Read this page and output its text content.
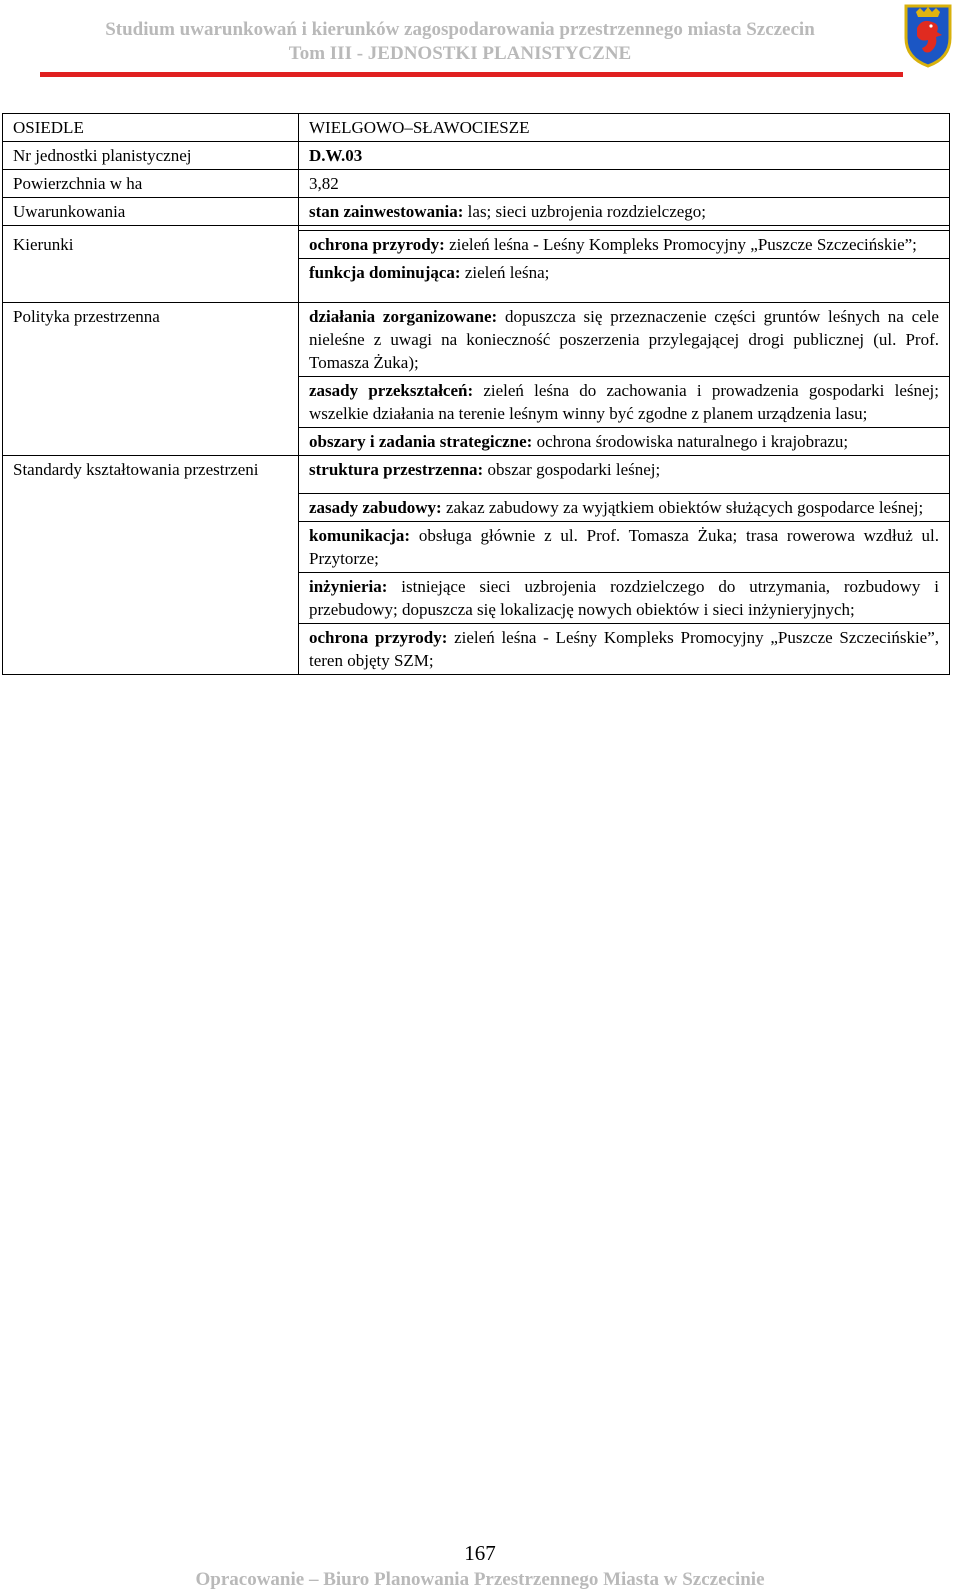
Studium uwarunkowań i kierunków zagospodarowania przestrzennego miasta Szczecin
Tom III - JEDNOSTKI PLANISTYCZNE
OSIEDLE	WIELGOWO–SŁAWOCIESZE
Nr jednostki planistycznej	D.W.03
Powierzchnia w ha	3,82
Uwarunkowania	stan zainwestowania: las; sieci uzbrojenia rozdzielczego;

Kierunki	ochrona przyrody: zieleń leśna - Leśny Kompleks Promocyjny „Puszcze Szczecińskie”;
	funkcja dominująca: zieleń leśna;
Polityka przestrzenna	działania zorganizowane: dopuszcza się przeznaczenie części gruntów leśnych na cele nieleśne z uwagi na konieczność poszerzenia przylegającej drogi publicznej (ul. Prof. Tomasza Żuka);
	zasady przekształceń: zieleń leśna do zachowania i prowadzenia gospodarki leśnej; wszelkie działania na terenie leśnym winny być zgodne z planem urządzenia lasu;
	obszary i zadania strategiczne: ochrona środowiska naturalnego i krajobrazu;
Standardy kształtowania przestrzeni	struktura przestrzenna: obszar gospodarki leśnej;
	zasady zabudowy: zakaz zabudowy za wyjątkiem obiektów służących gospodarce leśnej;
	komunikacja: obsługa głównie z ul. Prof. Tomasza Żuka; trasa rowerowa wzdłuż ul. Przytorze;
	inżynieria: istniejące sieci uzbrojenia rozdzielczego do utrzymania, rozbudowy i przebudowy; dopuszcza się lokalizację nowych obiektów i sieci inżynieryjnych;
	ochrona przyrody: zieleń leśna - Leśny Kompleks Promocyjny „Puszcze Szczecińskie”, teren objęty SZM;
167
Opracowanie – Biuro Planowania Przestrzennego Miasta w Szczecinie
